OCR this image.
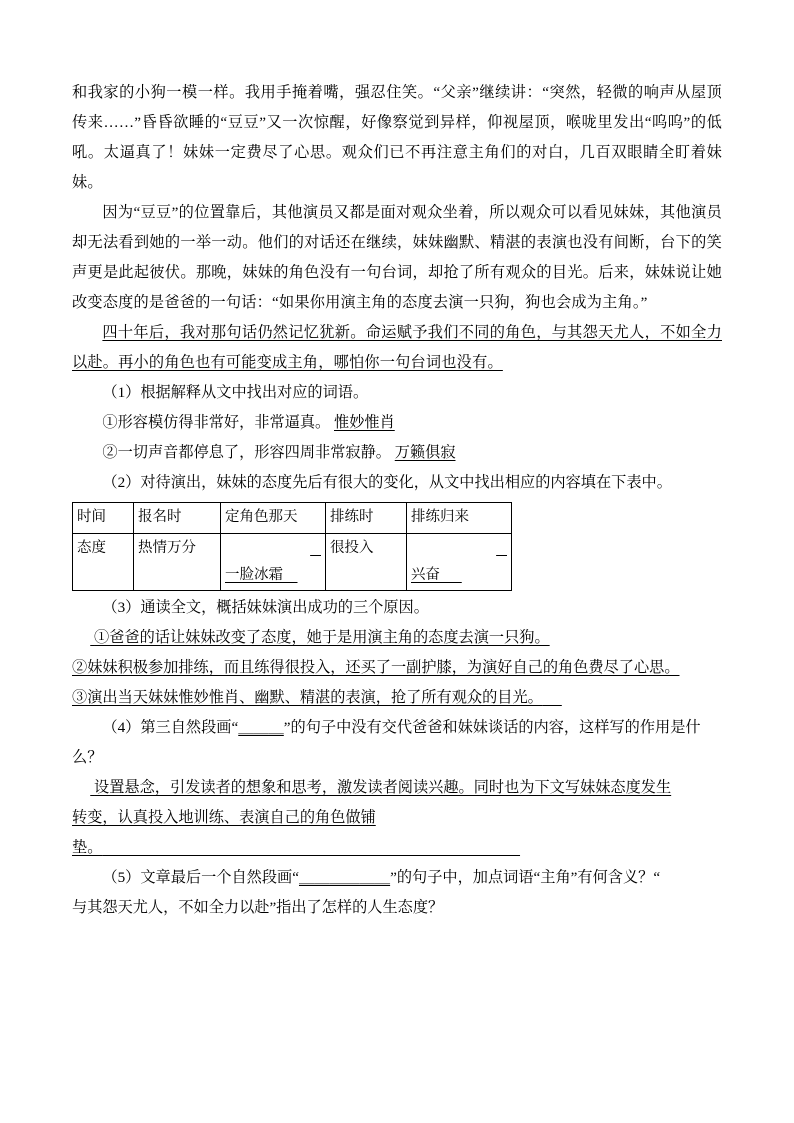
和我家的小狗一模一样。我用手掩着嘴，强忍住笑。“父亲”继续讲：“突然，轻微的响声从屋顶传来……”昏昏欲睡的“豆豆”又一次惊醒，好像察觉到异样，仰视屋顶，喉咙里发出“呜呜”的低吼。太逼真了！妹妹一定费尽了心思。观众们已不再注意主角们的对白，几百双眼睛全盯着妹妹。

因为“豆豆”的位置靠后，其他演员又都是面对观众坐着，所以观众可以看见妹妹，其他演员却无法看到她的一举一动。他们的对话还在继续，妹妹幽默、精湛的表演也没有间断，台下的笑声更是此起彼伏。那晚，妹妹的角色没有一句台词，却抢了所有观众的目光。后来，妹妹说让她改变态度的是爸爸的一句话：“如果你用演主角的态度去演一只狗，狗也会成为主角。”

四十年后，我对那句话仍然记忆犹新。命运赋予我们不同的角色，与其怨天尤人，不如全力以赴。再小的角色也有可能变成主角，哪怕你一句台词也没有。

（1）根据解释从文中找出对应的词语。

①形容模仿得非常好，非常逼真。 惟妙惟肖

②一切声音都停息了，形容四周非常寂静。 万籁俱寂

（2）对待演出，妹妹的态度先后有很大的变化，从文中找出相应的内容填在下表中。

时间	报名时	定角色那天	排练时	排练归来
态度	热情万分	一脸冰霜	很投入	兴奋

（3）通读全文，概括妹妹演出成功的三个原因。

①爸爸的话让妹妹改变了态度，她于是用演主角的态度去演一只狗。

②妹妹积极参加排练，而且练得很投入，还买了一副护膝，为演好自己的角色费尽了心思。

③演出当天妹妹惟妙惟肖、幽默、精湛的表演，抢了所有观众的目光。

（4）第三自然段画“＿＿＿”的句子中没有交代爸爸和妹妹谈话的内容，这样写的作用是什么？

设置悬念，引发读者的想象和思考，激发读者阅读兴趣。同时也为下文写妹妹态度发生

转变，认真投入地训练、表演自己的角色做铺垫。

（5）文章最后一个自然段画“＿＿＿＿＿＿”的句子中，加点词语“主角”有何含义？“

与其怨天尤人，不如全力以赴”指出了怎样的人生态度？
